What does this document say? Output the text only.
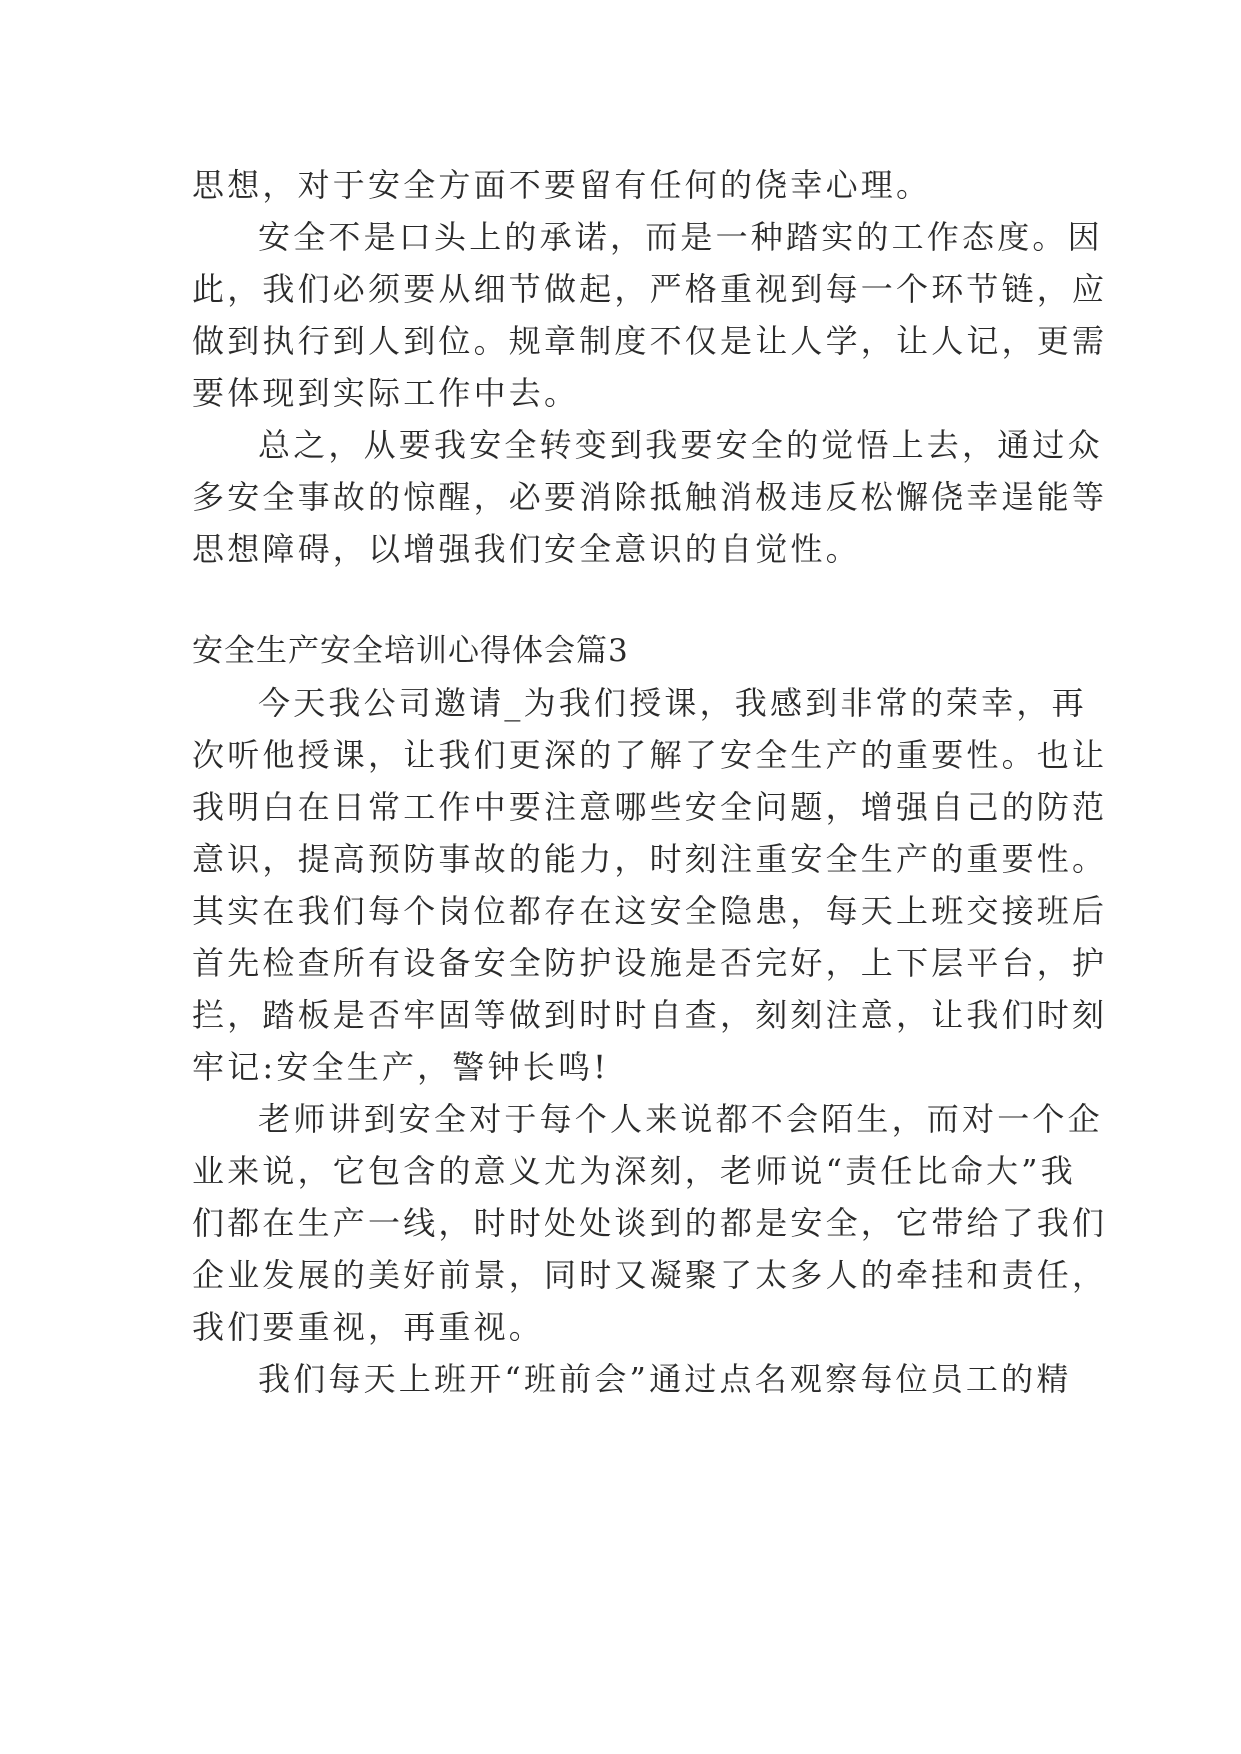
思想，对于安全方面不要留有任何的侥幸心理。
安全不是口头上的承诺，而是一种踏实的工作态度。因
此，我们必须要从细节做起，严格重视到每一个环节链，应
做到执行到人到位。规章制度不仅是让人学，让人记，更需
要体现到实际工作中去。
总之，从要我安全转变到我要安全的觉悟上去，通过众
多安全事故的惊醒，必要消除抵触消极违反松懈侥幸逞能等
思想障碍，以增强我们安全意识的自觉性。
安全生产安全培训心得体会篇3
今天我公司邀请_为我们授课，我感到非常的荣幸，再
次听他授课，让我们更深的了解了安全生产的重要性。也让
我明白在日常工作中要注意哪些安全问题，增强自己的防范
意识，提高预防事故的能力，时刻注重安全生产的重要性。
其实在我们每个岗位都存在这安全隐患，每天上班交接班后
首先检查所有设备安全防护设施是否完好，上下层平台，护
拦，踏板是否牢固等做到时时自查，刻刻注意，让我们时刻
牢记:安全生产，警钟长鸣!
老师讲到安全对于每个人来说都不会陌生，而对一个企
业来说，它包含的意义尤为深刻，老师说“责任比命大”我
们都在生产一线，时时处处谈到的都是安全，它带给了我们
企业发展的美好前景，同时又凝聚了太多人的牵挂和责任，
我们要重视，再重视。
我们每天上班开“班前会”通过点名观察每位员工的精
